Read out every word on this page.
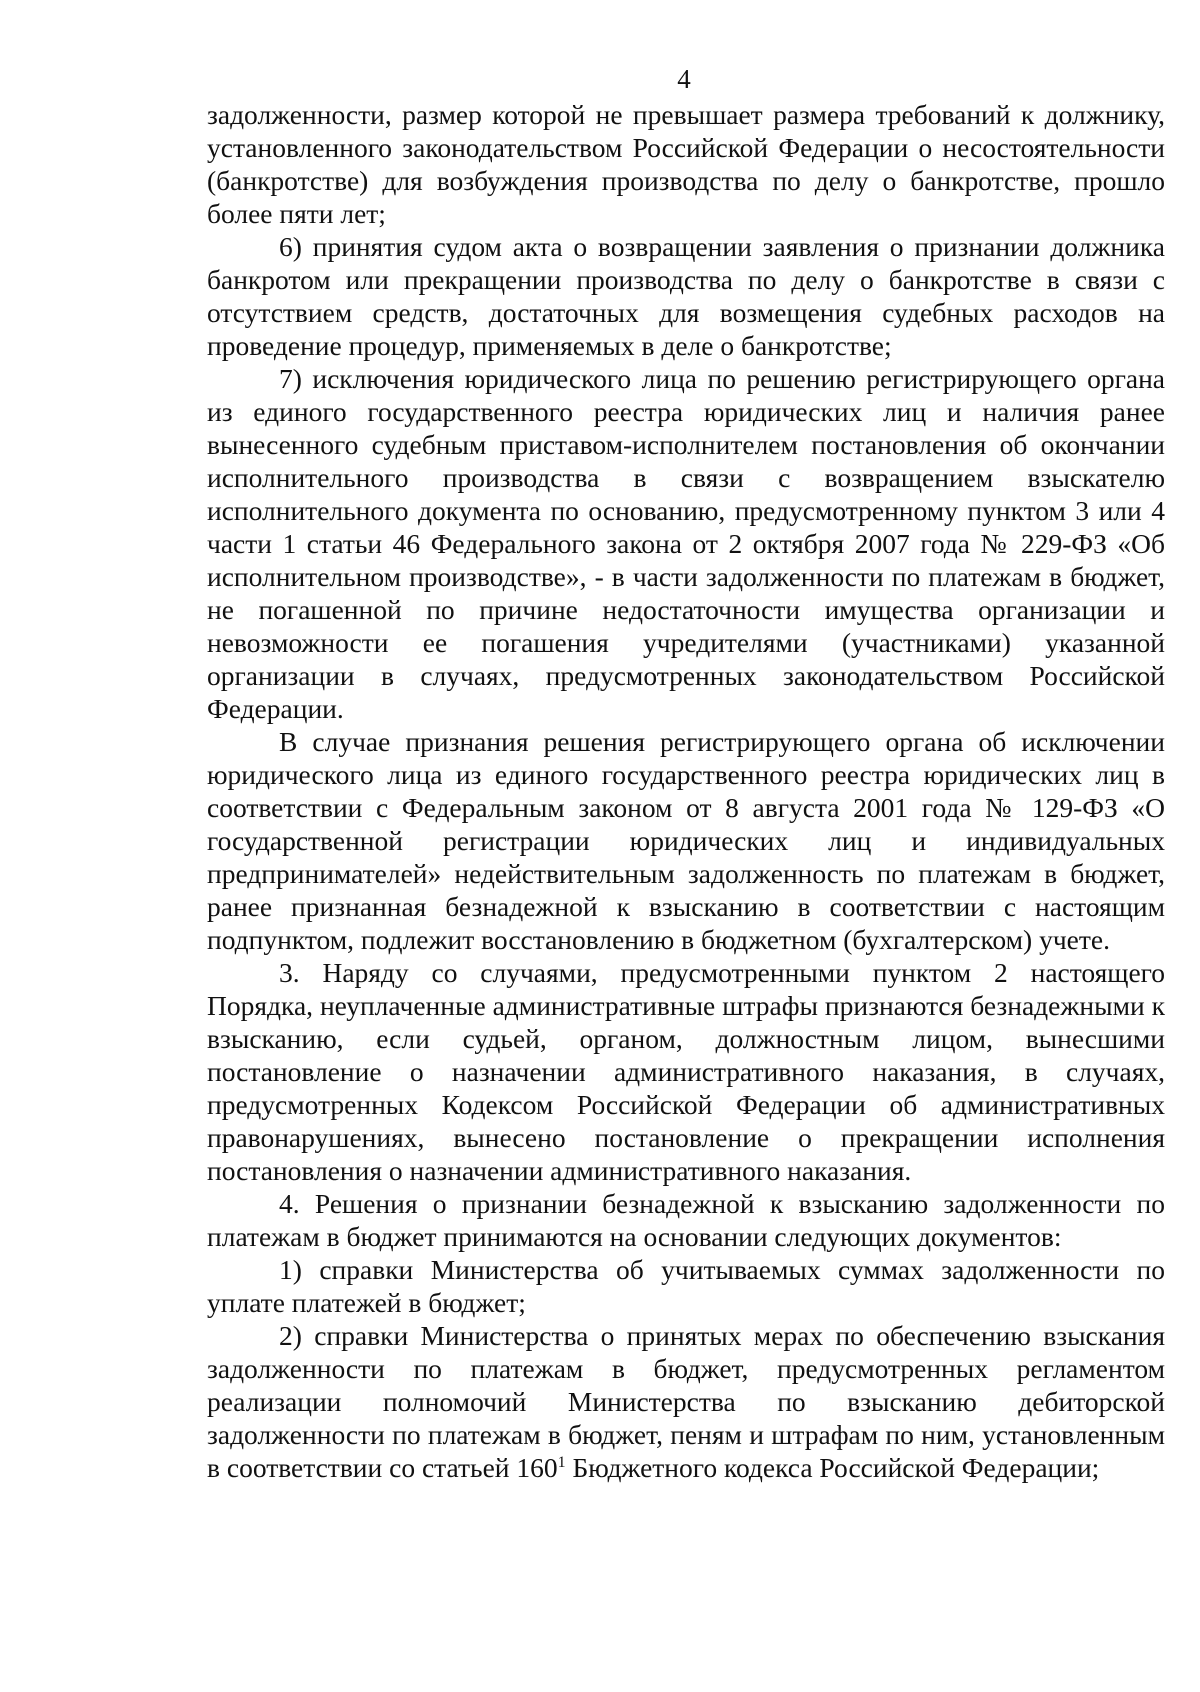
4

задолженности, размер которой не превышает размера требований к должнику, установленного законодательством Российской Федерации о несостоятельности (банкротстве) для возбуждения производства по делу о банкротстве, прошло более пяти лет;

6) принятия судом акта о возвращении заявления о признании должника банкротом или прекращении производства по делу о банкротстве в связи с отсутствием средств, достаточных для возмещения судебных расходов на проведение процедур, применяемых в деле о банкротстве;

7) исключения юридического лица по решению регистрирующего органа из единого государственного реестра юридических лиц и наличия ранее вынесенного судебным приставом-исполнителем постановления об окончании исполнительного производства в связи с возвращением взыскателю исполнительного документа по основанию, предусмотренному пунктом 3 или 4 части 1 статьи 46 Федерального закона от 2 октября 2007 года № 229-ФЗ «Об исполнительном производстве», - в части задолженности по платежам в бюджет, не погашенной по причине недостаточности имущества организации и невозможности ее погашения учредителями (участниками) указанной организации в случаях, предусмотренных законодательством Российской Федерации.

В случае признания решения регистрирующего органа об исключении юридического лица из единого государственного реестра юридических лиц в соответствии с Федеральным законом от 8 августа 2001 года № 129-ФЗ «О государственной регистрации юридических лиц и индивидуальных предпринимателей» недействительным задолженность по платежам в бюджет, ранее признанная безнадежной к взысканию в соответствии с настоящим подпунктом, подлежит восстановлению в бюджетном (бухгалтерском) учете.

3. Наряду со случаями, предусмотренными пунктом 2 настоящего Порядка, неуплаченные административные штрафы признаются безнадежными к взысканию, если судьей, органом, должностным лицом, вынесшими постановление о назначении административного наказания, в случаях, предусмотренных Кодексом Российской Федерации об административных правонарушениях, вынесено постановление о прекращении исполнения постановления о назначении административного наказания.

4. Решения о признании безнадежной к взысканию задолженности по платежам в бюджет принимаются на основании следующих документов:

1) справки Министерства об учитываемых суммах задолженности по уплате платежей в бюджет;

2) справки Министерства о принятых мерах по обеспечению взыскания задолженности по платежам в бюджет, предусмотренных регламентом реализации полномочий Министерства по взысканию дебиторской задолженности по платежам в бюджет, пеням и штрафам по ним, установленным в соответствии со статьей $160^1$ Бюджетного кодекса Российской Федерации;
